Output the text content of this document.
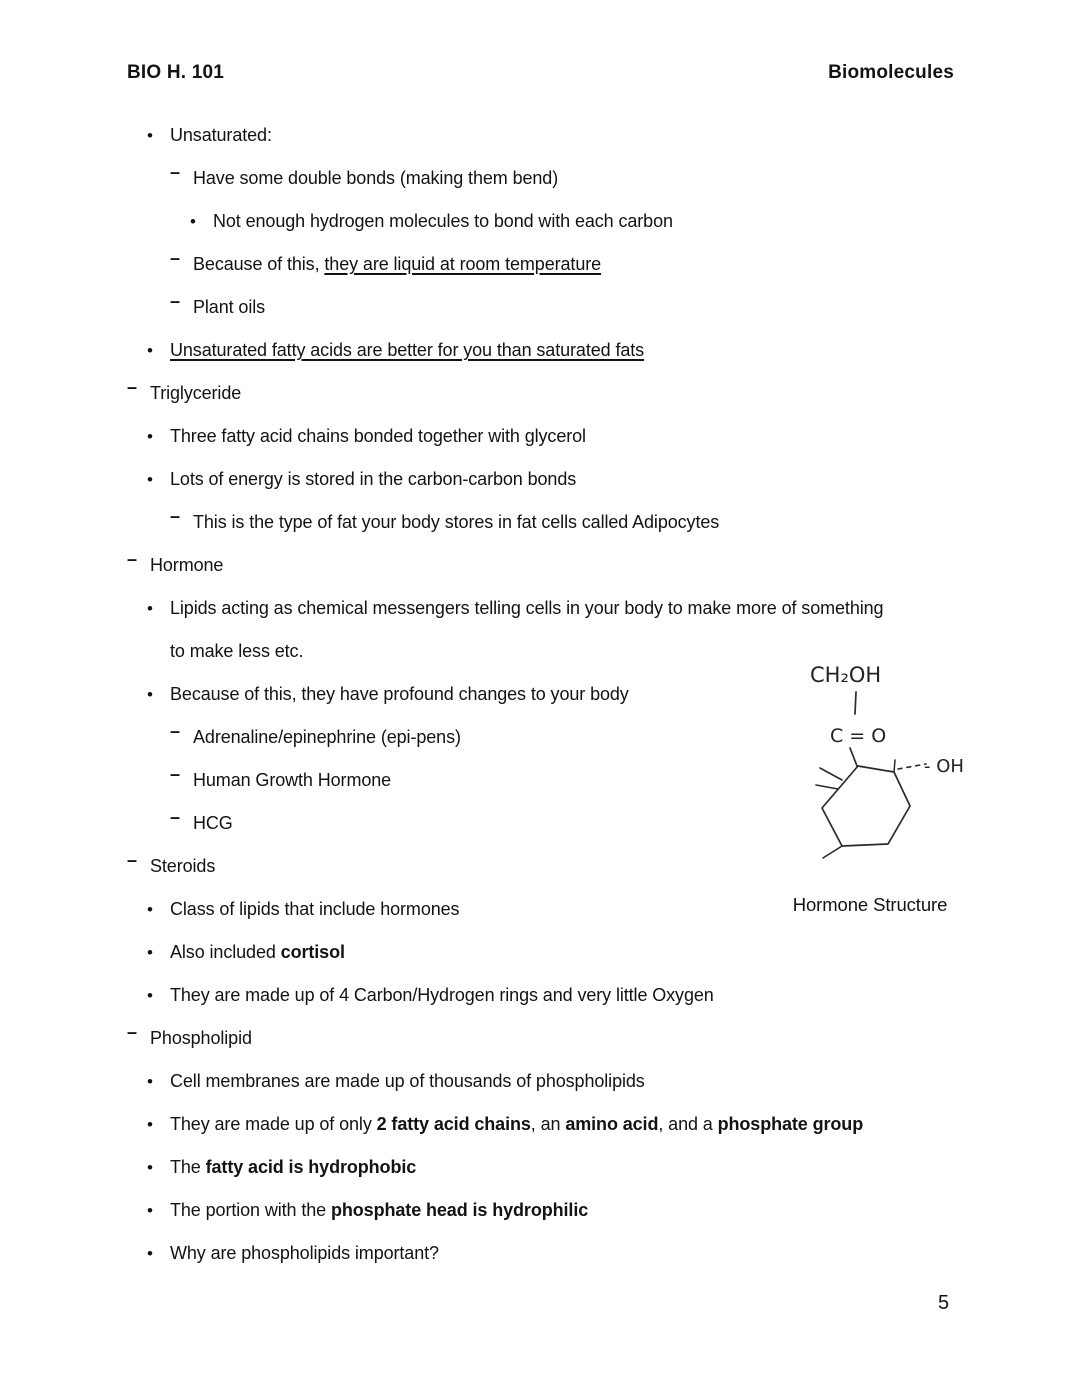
BIO H. 101	Biomolecules
• Unsaturated:
– Have some double bonds (making them bend)
• Not enough hydrogen molecules to bond with each carbon
– Because of this, they are liquid at room temperature
– Plant oils
• Unsaturated fatty acids are better for you than saturated fats
– Triglyceride
• Three fatty acid chains bonded together with glycerol
• Lots of energy is stored in the carbon-carbon bonds
– This is the type of fat your body stores in fat cells called Adipocytes
– Hormone
• Lipids acting as chemical messengers telling cells in your body to make more of something
to make less etc.
• Because of this, they have profound changes to your body
– Adrenaline/epinephrine (epi-pens)
– Human Growth Hormone
– HCG
– Steroids
• Class of lipids that include hormones
• Also included cortisol
• They are made up of 4 Carbon/Hydrogen rings and very little Oxygen
– Phospholipid
• Cell membranes are made up of thousands of phospholipids
• They are made up of only 2 fatty acid chains, an amino acid, and a phosphate group
• The fatty acid is hydrophobic
• The portion with the phosphate head is hydrophilic
• Why are phospholipids important?
CH₂OH
C = O
- OH
Hormone Structure
5
